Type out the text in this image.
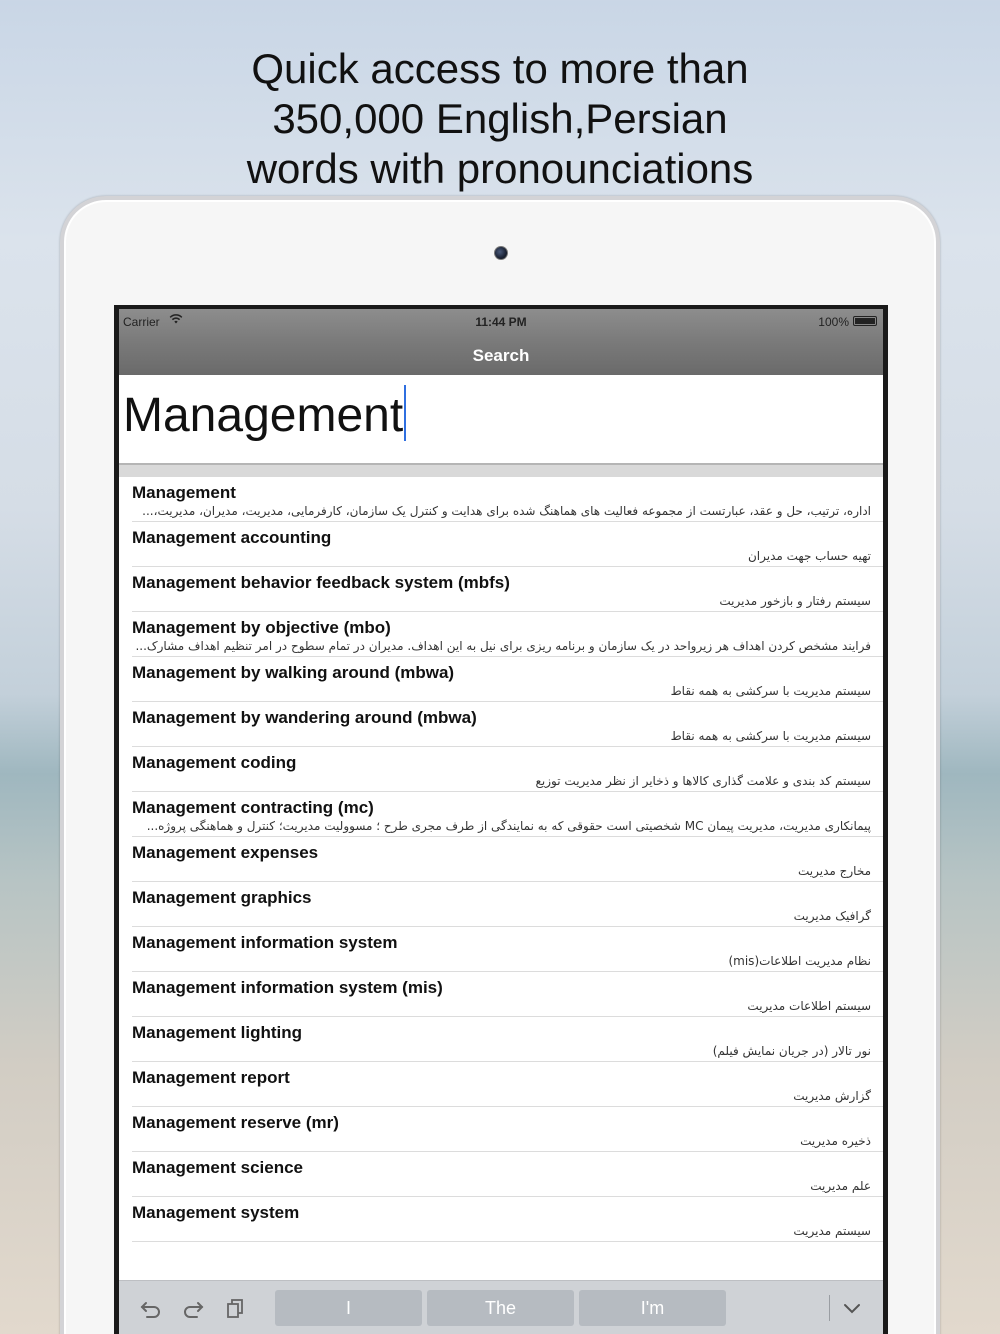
Quick access to more than
350,000 English,Persian
words with pronounciations
Carrier	11:44 PM	100%
Search
Management
Management
اداره، ترتیب، حل و عقد، عبارتست از مجموعه فعالیت های هماهنگ شده برای هدایت و کنترل یک سازمان، کارفرمایی، مدیریت، مدیران، مدیریت،...
Management accounting
تهیه حساب جهت مدیران
Management behavior feedback system (mbfs)
سیستم رفتار و بازخور مدیریت
Management by objective (mbo)
فرایند مشخص کردن اهداف هر زیرواحد در یک سازمان و برنامه ریزی برای نیل به این اهداف. مدیران در تمام سطوح در امر تنظیم اهداف مشارک...
Management by walking around (mbwa)
سیستم مدیریت با سرکشی به همه نقاط
Management by wandering around (mbwa)
سیستم مدیریت با سرکشی به همه نقاط
Management coding
سیستم کد بندی و علامت گذاری کالاها و ذخایر از نظر مدیریت توزیع
Management contracting (mc)
پیمانکاری مدیریت، مدیریت پیمان MC شخصیتی است حقوقی که به نمایندگی از طرف مجری طرح ؛ مسوولیت مدیریت؛ کنترل و هماهنگی پروژه...
Management expenses
مخارج مدیریت
Management graphics
گرافیک مدیریت
Management information system
نظام مدیریت اطلاعات(mis)
Management information system (mis)
سیستم اطلاعات مدیریت
Management lighting
نور تالار (در جریان نمایش فیلم)
Management report
گزارش مدیریت
Management reserve (mr)
ذخیره مدیریت
Management science
علم مدیریت
Management system
سیستم مدیریت
I	The	I'm
